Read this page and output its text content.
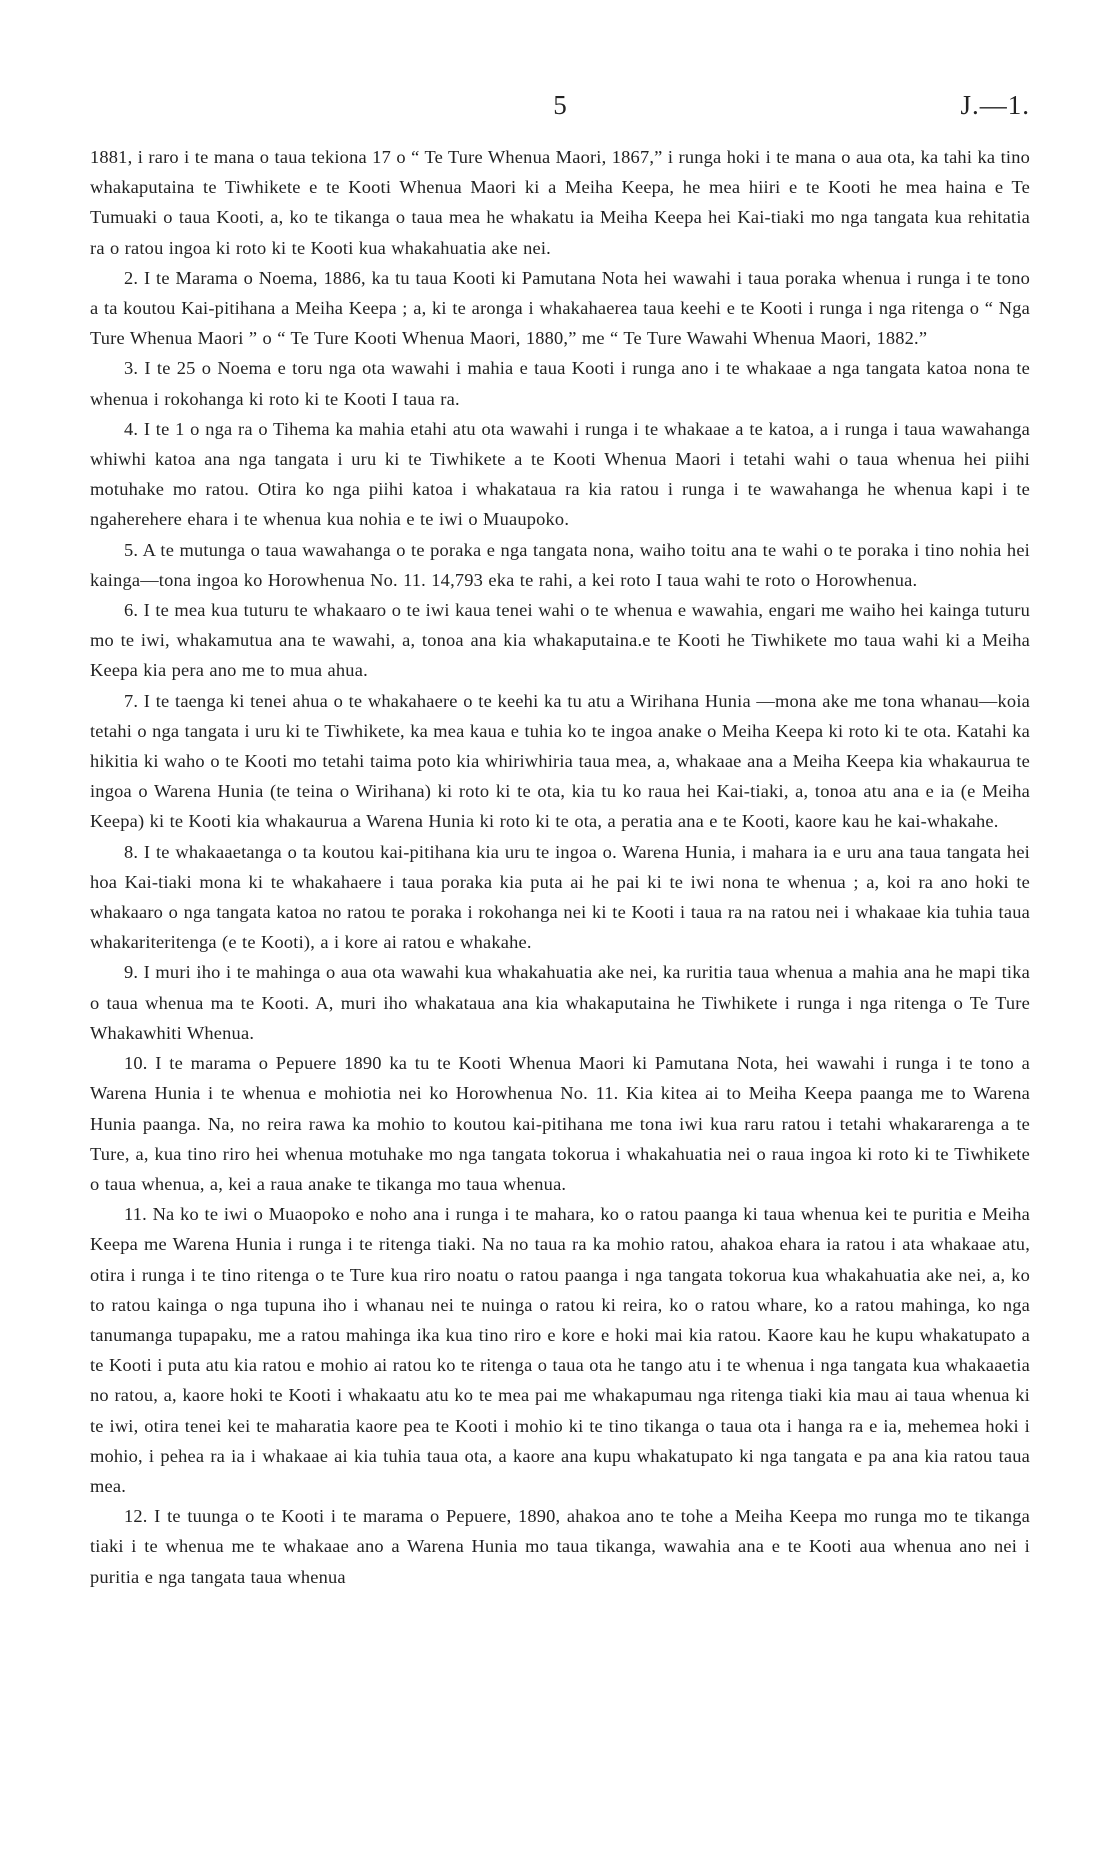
5	J.—1.

1881, i raro i te mana o taua tekiona 17 o “ Te Ture Whenua Maori, 1867,” i runga hoki i te mana o aua ota, ka tahi ka tino whakaputaina te Tiwhikete e te Kooti Whenua Maori ki a Meiha Keepa, he mea hiiri e te Kooti he mea haina e Te Tumuaki o taua Kooti, a, ko te tikanga o taua mea he whakatu ia Meiha Keepa hei Kai-tiaki mo nga tangata kua rehitatia ra o ratou ingoa ki roto ki te Kooti kua whakahuatia ake nei.

2. I te Marama o Noema, 1886, ka tu taua Kooti ki Pamutana Nota hei wawahi i taua poraka whenua i runga i te tono a ta koutou Kai-pitihana a Meiha Keepa ; a, ki te aronga i whakahaerea taua keehi e te Kooti i runga i nga ritenga o “ Nga Ture Whenua Maori ” o “ Te Ture Kooti Whenua Maori, 1880,” me “ Te Ture Wawahi Whenua Maori, 1882.”

3. I te 25 o Noema e toru nga ota wawahi i mahia e taua Kooti i runga ano i te whakaae a nga tangata katoa nona te whenua i rokohanga ki roto ki te Kooti I taua ra.

4. I te 1 o nga ra o Tihema ka mahia etahi atu ota wawahi i runga i te whakaae a te katoa, a i runga i taua wawahanga whiwhi katoa ana nga tangata i uru ki te Tiwhikete a te Kooti Whenua Maori i tetahi wahi o taua whenua hei piihi motuhake mo ratou. Otira ko nga piihi katoa i whakataua ra kia ratou i runga i te wawahanga he whenua kapi i te ngaherehere ehara i te whenua kua nohia e te iwi o Muaupoko.

5. A te mutunga o taua wawahanga o te poraka e nga tangata nona, waiho toitu ana te wahi o te poraka i tino nohia hei kainga—tona ingoa ko Horowhenua No. 11. 14,793 eka te rahi, a kei roto I taua wahi te roto o Horowhenua.

6. I te mea kua tuturu te whakaaro o te iwi kaua tenei wahi o te whenua e wawahia, engari me waiho hei kainga tuturu mo te iwi, whakamutua ana te wawahi, a, tonoa ana kia whakaputaina.e te Kooti he Tiwhikete mo taua wahi ki a Meiha Keepa kia pera ano me to mua ahua.

7. I te taenga ki tenei ahua o te whakahaere o te keehi ka tu atu a Wirihana Hunia —mona ake me tona whanau—koia tetahi o nga tangata i uru ki te Tiwhikete, ka mea kaua e tuhia ko te ingoa anake o Meiha Keepa ki roto ki te ota. Katahi ka hikitia ki waho o te Kooti mo tetahi taima poto kia whiriwhiria taua mea, a, whakaae ana a Meiha Keepa kia whakaurua te ingoa o Warena Hunia (te teina o Wirihana) ki roto ki te ota, kia tu ko raua hei Kai-tiaki, a, tonoa atu ana e ia (e Meiha Keepa) ki te Kooti kia whakaurua a Warena Hunia ki roto ki te ota, a peratia ana e te Kooti, kaore kau he kai-whakahe.

8. I te whakaaetanga o ta koutou kai-pitihana kia uru te ingoa o. Warena Hunia, i mahara ia e uru ana taua tangata hei hoa Kai-tiaki mona ki te whakahaere i taua poraka kia puta ai he pai ki te iwi nona te whenua ; a, koi ra ano hoki te whakaaro o nga tangata katoa no ratou te poraka i rokohanga nei ki te Kooti i taua ra na ratou nei i whakaae kia tuhia taua whakariteritenga (e te Kooti), a i kore ai ratou e whakahe.

9. I muri iho i te mahinga o aua ota wawahi kua whakahuatia ake nei, ka ruritia taua whenua a mahia ana he mapi tika o taua whenua ma te Kooti. A, muri iho whakataua ana kia whakaputaina he Tiwhikete i runga i nga ritenga o Te Ture Whakawhiti Whenua.

10. I te marama o Pepuere 1890 ka tu te Kooti Whenua Maori ki Pamutana Nota, hei wawahi i runga i te tono a Warena Hunia i te whenua e mohiotia nei ko Horowhenua No. 11. Kia kitea ai to Meiha Keepa paanga me to Warena Hunia paanga. Na, no reira rawa ka mohio to koutou kai-pitihana me tona iwi kua raru ratou i tetahi whakararenga a te Ture, a, kua tino riro hei whenua motuhake mo nga tangata tokorua i whakahuatia nei o raua ingoa ki roto ki te Tiwhikete o taua whenua, a, kei a raua anake te tikanga mo taua whenua.

11. Na ko te iwi o Muaopoko e noho ana i runga i te mahara, ko o ratou paanga ki taua whenua kei te puritia e Meiha Keepa me Warena Hunia i runga i te ritenga tiaki. Na no taua ra ka mohio ratou, ahakoa ehara ia ratou i ata whakaae atu, otira i runga i te tino ritenga o te Ture kua riro noatu o ratou paanga i nga tangata tokorua kua whakahuatia ake nei, a, ko to ratou kainga o nga tupuna iho i whanau nei te nuinga o ratou ki reira, ko o ratou whare, ko a ratou mahinga, ko nga tanumanga tupapaku, me a ratou mahinga ika kua tino riro e kore e hoki mai kia ratou. Kaore kau he kupu whakatupato a te Kooti i puta atu kia ratou e mohio ai ratou ko te ritenga o taua ota he tango atu i te whenua i nga tangata kua whakaaetia no ratou, a, kaore hoki te Kooti i whakaatu atu ko te mea pai me whakapumau nga ritenga tiaki kia mau ai taua whenua ki te iwi, otira tenei kei te maharatia kaore pea te Kooti i mohio ki te tino tikanga o taua ota i hanga ra e ia, mehemea hoki i mohio, i pehea ra ia i whakaae ai kia tuhia taua ota, a kaore ana kupu whakatupato ki nga tangata e pa ana kia ratou taua mea.

12. I te tuunga o te Kooti i te marama o Pepuere, 1890, ahakoa ano te tohe a Meiha Keepa mo runga mo te tikanga tiaki i te whenua me te whakaae ano a Warena Hunia mo taua tikanga, wawahia ana e te Kooti aua whenua ano nei i puritia e nga tangata taua whenua
